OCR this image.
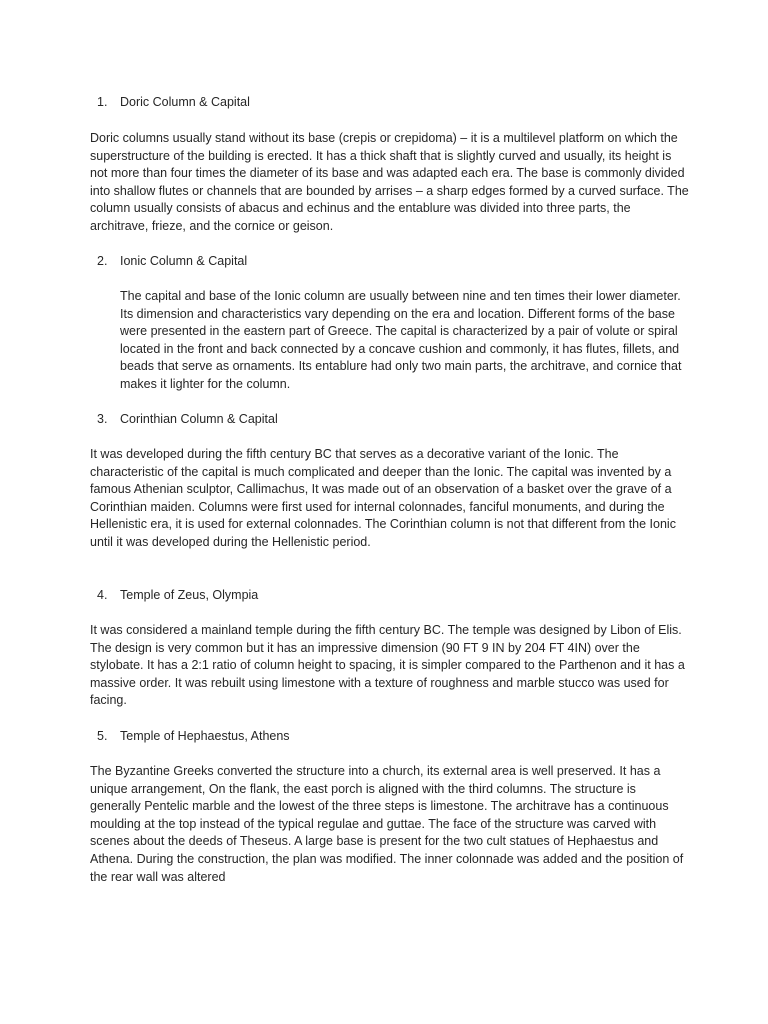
1. Doric Column & Capital
Doric columns usually stand without its base (crepis or crepidoma) – it is a multilevel platform on which the superstructure of the building is erected. It has a thick shaft that is slightly curved and usually, its height is not more than four times the diameter of its base and was adapted each era. The base is commonly divided into shallow flutes or channels that are bounded by arrises – a sharp edges formed by a curved surface. The column usually consists of abacus and echinus and the entablure was divided into three parts, the architrave, frieze, and the cornice or geison.
2. Ionic Column & Capital
The capital and base of the Ionic column are usually between nine and ten times their lower diameter. Its dimension and characteristics vary depending on the era and location. Different forms of the base were presented in the eastern part of Greece. The capital is characterized by a pair of volute or spiral located in the front and back connected by a concave cushion and commonly, it has flutes, fillets, and beads that serve as ornaments. Its entablure had only two main parts, the architrave, and cornice that makes it lighter for the column.
3. Corinthian Column & Capital
It was developed during the fifth century BC that serves as a decorative variant of the Ionic. The characteristic of the capital is much complicated and deeper than the Ionic. The capital was invented by a famous Athenian sculptor, Callimachus, It was made out of an observation of a basket over the grave of a Corinthian maiden. Columns were first used for internal colonnades, fanciful monuments, and during the Hellenistic era, it is used for external colonnades. The Corinthian column is not that different from the Ionic until it was developed during the Hellenistic period.
4. Temple of Zeus, Olympia
It was considered a mainland temple during the fifth century BC. The temple was designed by Libon of Elis. The design is very common but it has an impressive dimension (90 FT 9 IN by 204 FT 4IN) over the stylobate. It has a 2:1 ratio of column height to spacing, it is simpler compared to the Parthenon and it has a massive order. It was rebuilt using limestone with a texture of roughness and marble stucco was used for facing.
5. Temple of Hephaestus, Athens
The Byzantine Greeks converted the structure into a church, its external area is well preserved. It has a unique arrangement, On the flank, the east porch is aligned with the third columns. The structure is generally Pentelic marble and the lowest of the three steps is limestone. The architrave has a continuous moulding at the top instead of the typical regulae and guttae. The face of the structure was carved with scenes about the deeds of Theseus. A large base is present for the two cult statues of Hephaestus and Athena. During the construction, the plan was modified. The inner colonnade was added and the position of the rear wall was altered
